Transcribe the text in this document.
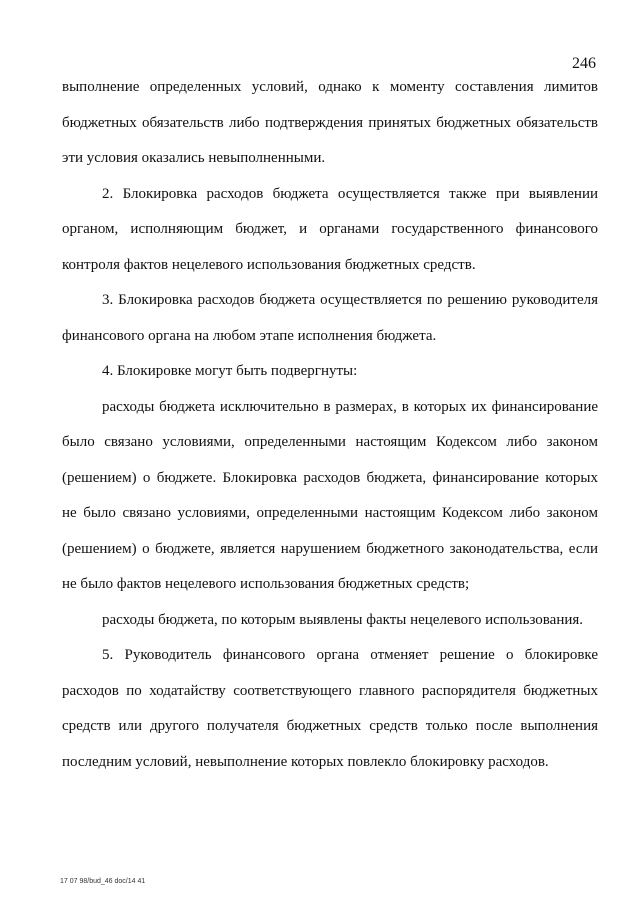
246

выполнение определенных условий, однако к моменту составления лимитов бюджетных обязательств либо подтверждения принятых бюджетных обязательств эти условия оказались невыполненными.

2. Блокировка расходов бюджета осуществляется также при выявлении органом, исполняющим бюджет, и органами государственного финансового контроля фактов нецелевого использования бюджетных средств.

3. Блокировка расходов бюджета осуществляется по решению руководителя финансового органа на любом этапе исполнения бюджета.

4. Блокировке могут быть подвергнуты:

расходы бюджета исключительно в размерах, в которых их финансирование было связано условиями, определенными настоящим Кодексом либо законом (решением) о бюджете. Блокировка расходов бюджета, финансирование которых не было связано условиями, определенными настоящим Кодексом либо законом (решением) о бюджете, является нарушением бюджетного законодательства, если не было фактов нецелевого использования бюджетных средств;

расходы бюджета, по которым выявлены факты нецелевого использования.

5. Руководитель финансового органа отменяет решение о блокировке расходов по ходатайству соответствующего главного распорядителя бюджетных средств или другого получателя бюджетных средств только после выполнения последним условий, невыполнение которых повлекло блокировку расходов.

17 07 98/bud_46 doc/14 41
